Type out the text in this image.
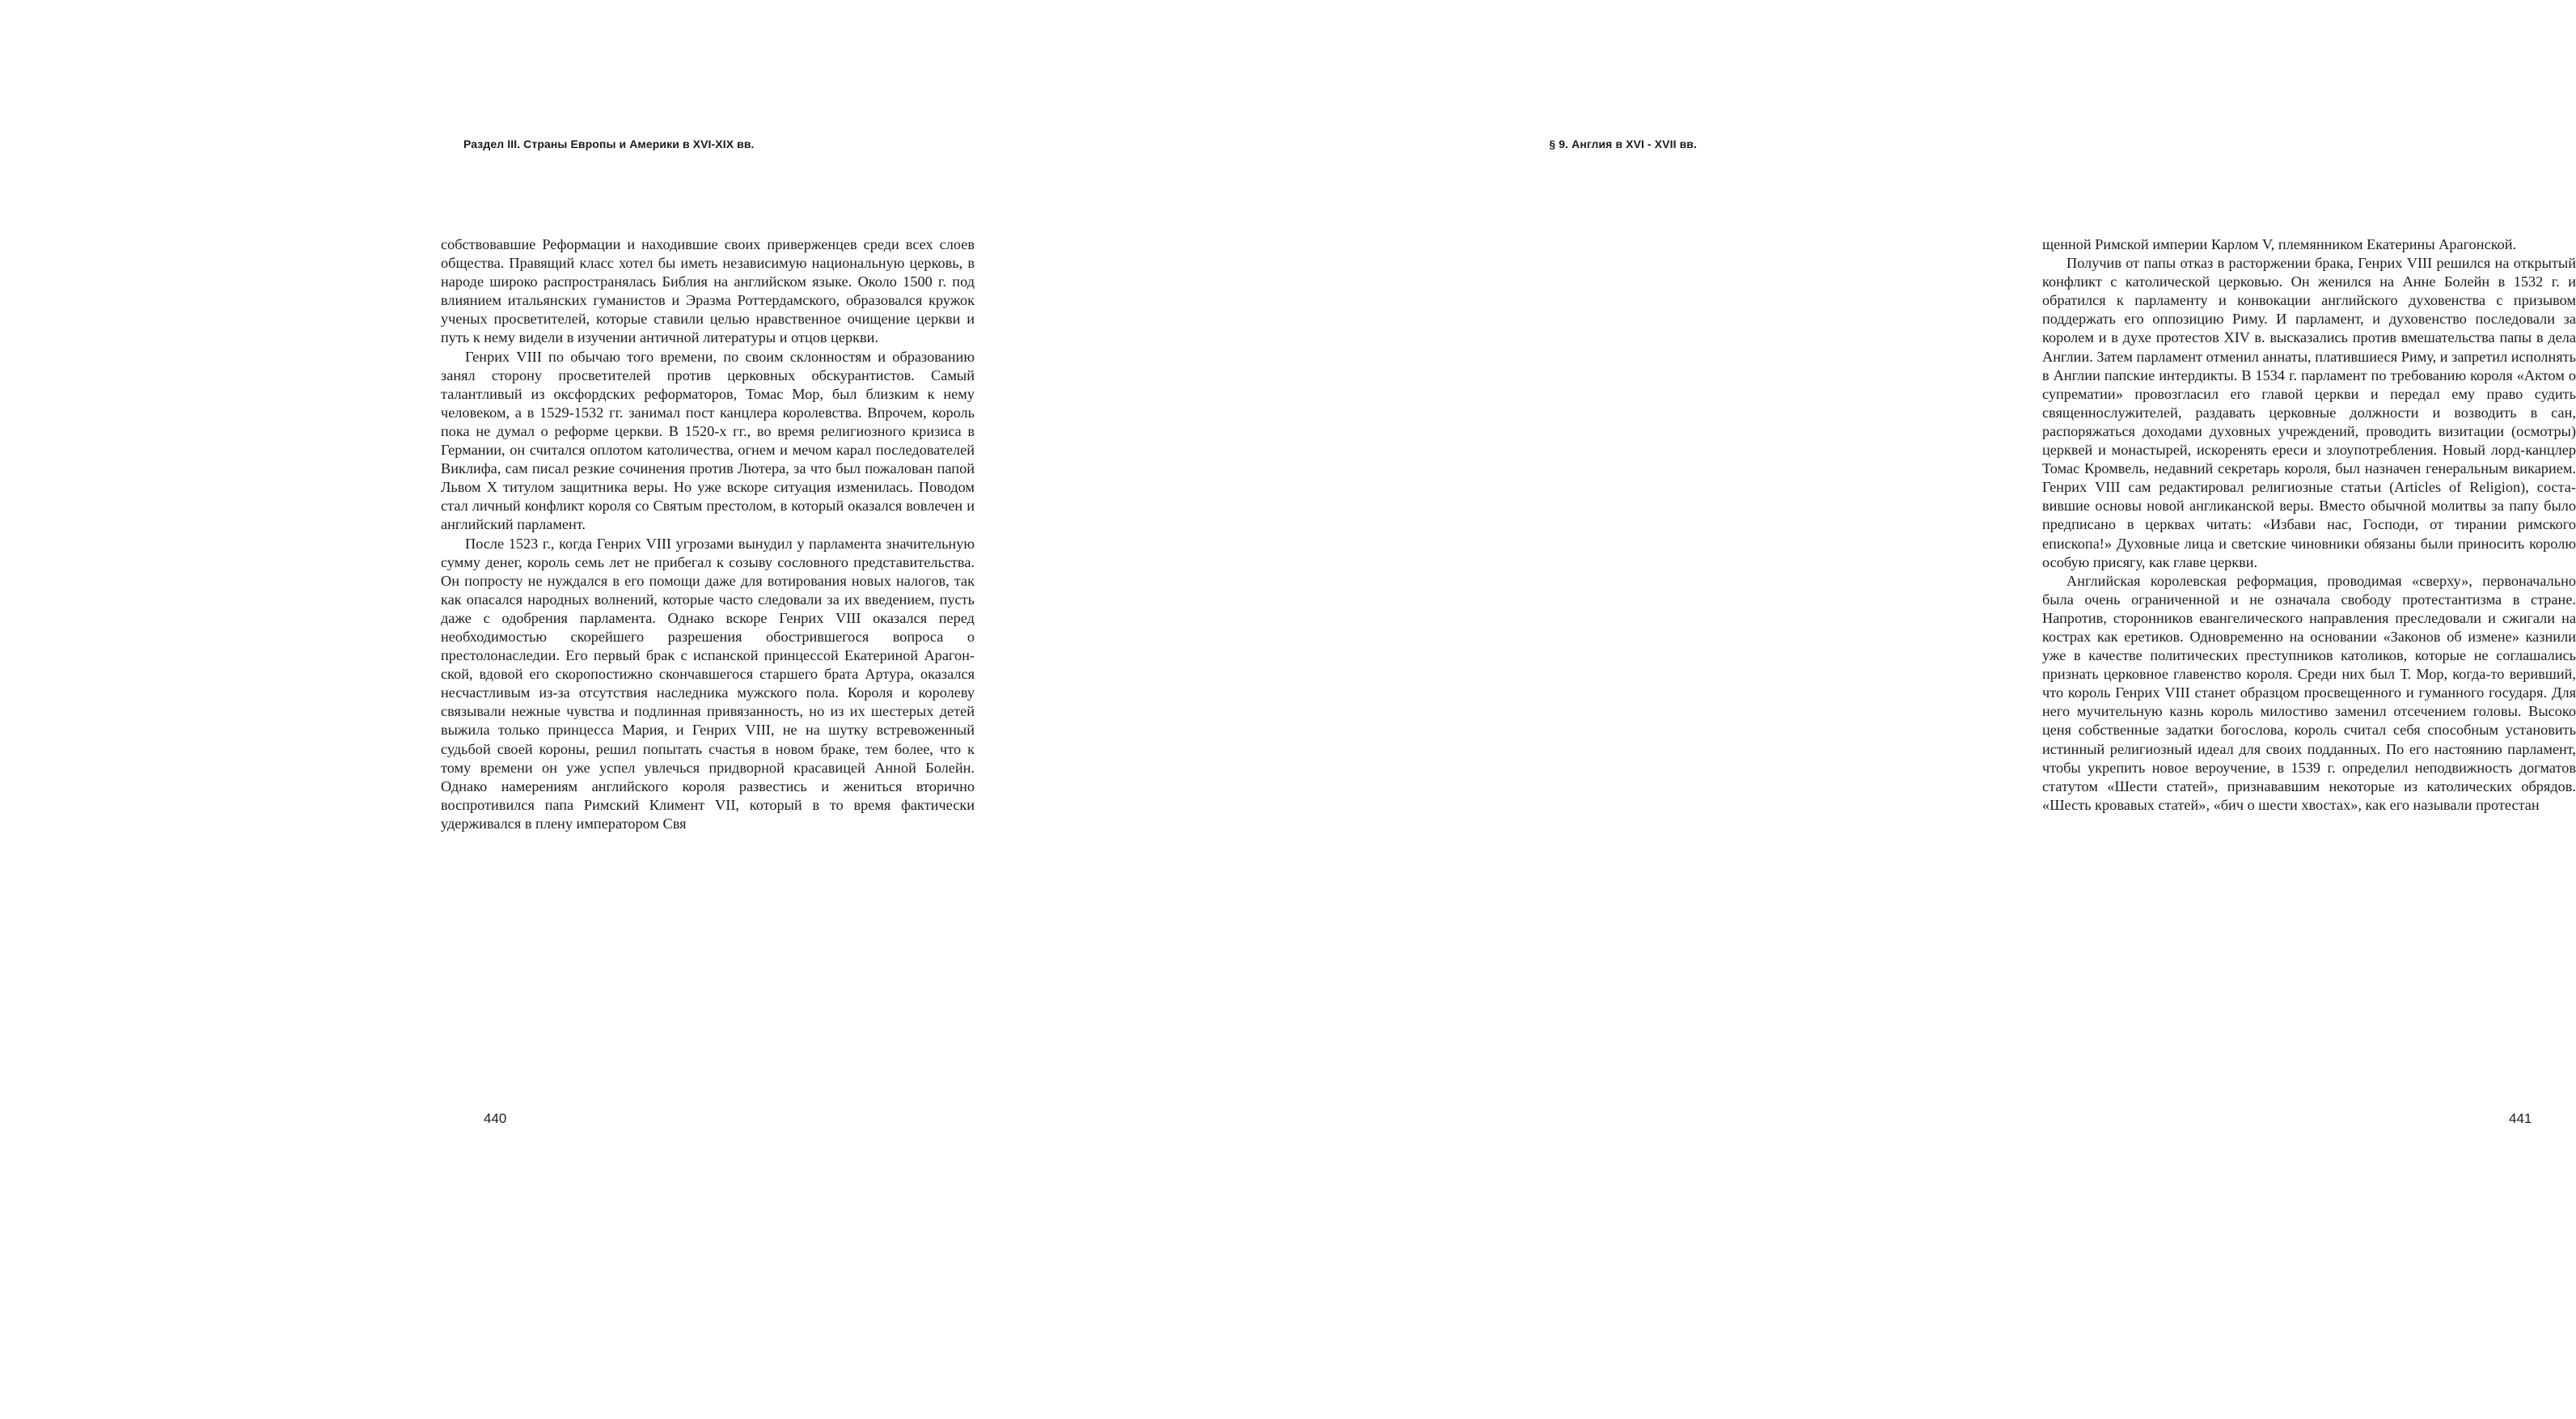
Раздел III. Страны Европы и Америки в XVI-XIX вв.

собствовавшие Реформации и находившие своих приверженцев среди всех слоев общества. Правящий класс хотел бы иметь независимую национальную церковь, в народе широко распространялась Библия на английском языке. Около 1500 г. под влиянием итальянских гуманистов и Эразма Роттердамского, образовался кружок ученых просветителей, которые ставили целью нравственное очищение церкви и путь к нему видели в изучении античной литературы и отцов церкви.

Генрих VIII по обычаю того времени, по своим склонностям и образованию занял сторону просветителей против церковных обскурантистов. Самый талантливый из оксфордских реформаторов, Томас Мор, был близким к нему человеком, а в 1529-1532 гг. занимал пост канцлера королевства. Впрочем, король пока не думал о реформе церкви. В 1520-х гг., во время религиозного кризиса в Германии, он считался оплотом католичества, огнем и мечом карал последователей Виклифа, сам писал резкие сочинения против Лютера, за что был пожалован папой Львом X титулом защитника веры. Но уже вскоре ситуация изменилась. Поводом стал личный конфликт короля со Святым престолом, в который оказался вовлечен и английский парламент.

После 1523 г., когда Генрих VIII угрозами вынудил у парламента значительную сумму денег, король семь лет не прибегал к созыву сословного представительства. Он попросту не нуждался в его помощи даже для вотирования новых налогов, так как опасался народных волнений, которые часто следовали за их введением, пусть даже с одобрения парламента. Однако вскоре Генрих VIII оказался перед необходимостью скорейшего разрешения обострившегося вопроса о престолонаследии. Его первый брак с испанской принцессой Екатериной Арагонской, вдовой его скоропостижно скончавшегося старшего брата Артура, оказался несчастливым из-за отсутствия наследника мужского пола. Короля и королеву связывали нежные чувства и подлинная привязанность, но из их шестерых детей выжила только принцесса Мария, и Генрих VIII, не на шутку встревоженный судьбой своей короны, решил попытать счастья в новом браке, тем более, что к тому времени он уже успел увлечься придворной красавицей Анной Болейн. Однако намерениям английского короля развестись и жениться вторично воспротивился папа Римский Климент VII, который в то время фактически удерживался в плену императором Свя

440
§ 9. Англия в XVI - XVII вв.

щенной Римской империи Карлом V, племянником Екатерины Арагонской.

Получив от папы отказ в расторжении брака, Генрих VIII решился на открытый конфликт с католической церковью. Он женился на Анне Болейн в 1532 г. и обратился к парламенту и конвокации английского духовенства с призывом поддержать его оппозицию Риму. И парламент, и духовенство последовали за королем и в духе протестов XIV в. высказались против вмешательства папы в дела Англии. Затем парламент отменил аннаты, платившиеся Риму, и запретил исполнять в Англии папские интердикты. В 1534 г. парламент по требованию короля «Актом о супрематии» провозгласил его главой церкви и передал ему право судить священнослужителей, раздавать церковные должности и возводить в сан, распоряжаться доходами духовных учреждений, проводить визитации (осмотры) церквей и монастырей, искоренять ереси и злоупотребления. Новый лорд-канцлер Томас Кромвель, недавний секретарь короля, был назначен генеральным викарием. Генрих VIII сам редактировал религиозные статьи (Articles of Religion), составившие основы новой англиканской веры. Вместо обычной молитвы за папу было предписано в церквах читать: «Избави нас, Господи, от тирании римского епископа!» Духовные лица и светские чиновники обязаны были приносить королю особую присягу, как главе церкви.

Английская королевская реформация, проводимая «сверху», первоначально была очень ограниченной и не означала свободу протестантизма в стране. Напротив, сторонников евангелического направления преследовали и сжигали на кострах как еретиков. Одновременно на основании «Законов об измене» казнили уже в качестве политических преступников католиков, которые не соглашались признать церковное главенство короля. Среди них был Т. Мор, когда-то веривший, что король Генрих VIII станет образцом просвещенного и гуманного государя. Для него мучительную казнь король милостиво заменил отсечением головы. Высоко ценя собственные задатки богослова, король считал себя способным установить истинный религиозный идеал для своих подданных. По его настоянию парламент, чтобы укрепить новое вероучение, в 1539 г. определил неподвижность догматов статутом «Шести статей», признававшим некоторые из католических обрядов. «Шесть кровавых статей», «бич о шести хвостах», как его называли протестан

441
